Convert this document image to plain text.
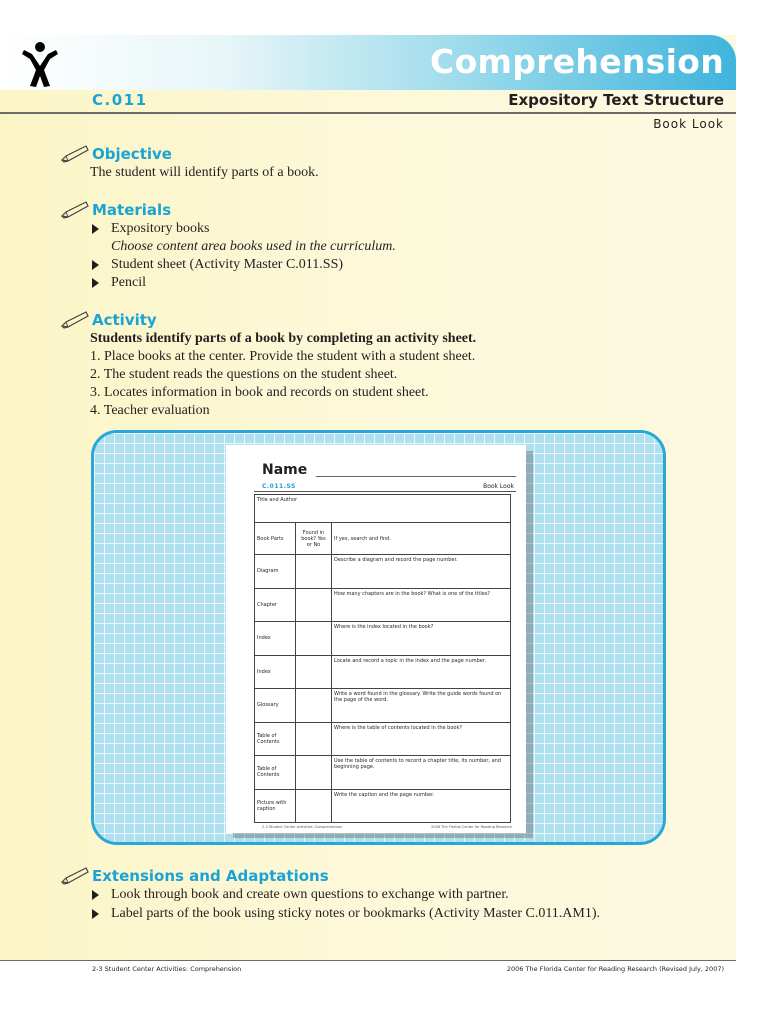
Comprehension
C.011	Expository Text Structure
Book Look
Objective
The student will identify parts of a book.
Materials
Expository books
Choose content area books used in the curriculum.
Student sheet (Activity Master C.011.SS)
Pencil
Activity
Students identify parts of a book by completing an activity sheet.
1. Place books at the center. Provide the student with a student sheet.
2. The student reads the questions on the student sheet.
3. Locates information in book and records on student sheet.
4. Teacher evaluation
Name
C.011.SS	Book Look
Title and Author		
Book Parts	Found in book? Yes or No	If yes, search and find.
Diagram		Describe a diagram and record the page number.
Chapter		How many chapters are in the book? What is one of the titles?
Index		Where is the index located in the book?
Index		Locate and record a topic in the index and the page number.
Glossary		Write a word found in the glossary. Write the guide words found on the page of the word.
Table of Contents		Where is the table of contents located in the book?
Table of Contents		Use the table of contents to record a chapter title, its number, and beginning page.
Picture with caption		Write the caption and the page number.
2-3 Student Center Activities: Comprehension	2006 The Florida Center for Reading Research
Extensions and Adaptations
Look through book and create own questions to exchange with partner.
Label parts of the book using sticky notes or bookmarks (Activity Master C.011.AM1).
2-3 Student Center Activities: Comprehension	2006 The Florida Center for Reading Research (Revised July, 2007)
